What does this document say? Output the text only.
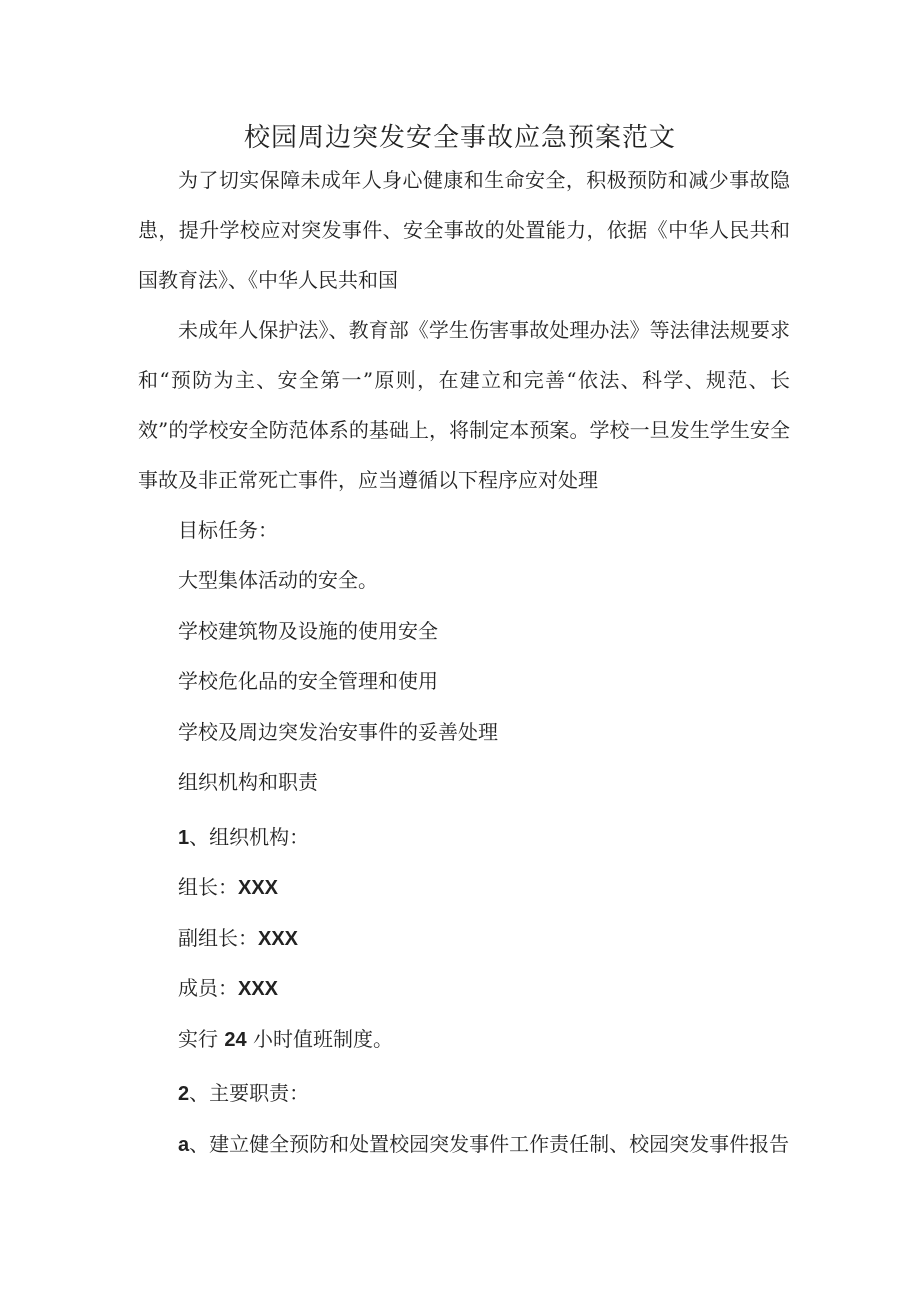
校园周边突发安全事故应急预案范文
为了切实保障未成年人身心健康和生命安全，积极预防和减少事故隐患，提升学校应对突发事件、安全事故的处置能力，依据《中华人民共和国教育法》、《中华人民共和国
未成年人保护法》、教育部《学生伤害事故处理办法》等法律法规要求和“预防为主、安全第一”原则，在建立和完善“依法、科学、规范、长效”的学校安全防范体系的基础上，将制定本预案。学校一旦发生学生安全事故及非正常死亡事件，应当遵循以下程序应对处理
目标任务：
大型集体活动的安全。
学校建筑物及设施的使用安全
学校危化品的安全管理和使用
学校及周边突发治安事件的妥善处理
组织机构和职责
1、组织机构：
组长：XXX
副组长：XXX
成员：XXX
实行 24 小时值班制度。
2、主要职责：
a、建立健全预防和处置校园突发事件工作责任制、校园突发事件报告
